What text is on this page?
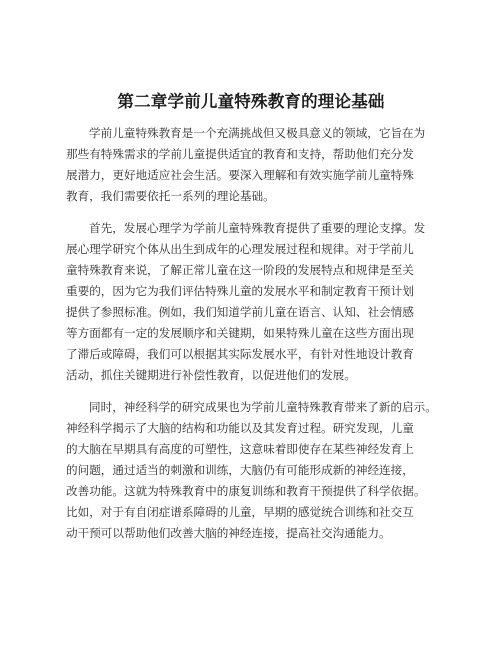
第二章学前儿童特殊教育的理论基础
学前儿童特殊教育是一个充满挑战但又极具意义的领域，它旨在为
那些有特殊需求的学前儿童提供适宜的教育和支持，帮助他们充分发
展潜力，更好地适应社会生活。要深入理解和有效实施学前儿童特殊
教育，我们需要依托一系列的理论基础。
首先，发展心理学为学前儿童特殊教育提供了重要的理论支撑。发
展心理学研究个体从出生到成年的心理发展过程和规律。对于学前儿
童特殊教育来说，了解正常儿童在这一阶段的发展特点和规律是至关
重要的，因为它为我们评估特殊儿童的发展水平和制定教育干预计划
提供了参照标准。例如，我们知道学前儿童在语言、认知、社会情感
等方面都有一定的发展顺序和关键期，如果特殊儿童在这些方面出现
了滞后或障碍，我们可以根据其实际发展水平，有针对性地设计教育
活动，抓住关键期进行补偿性教育，以促进他们的发展。
同时，神经科学的研究成果也为学前儿童特殊教育带来了新的启示。
神经科学揭示了大脑的结构和功能以及其发育过程。研究发现，儿童
的大脑在早期具有高度的可塑性，这意味着即使存在某些神经发育上
的问题，通过适当的刺激和训练，大脑仍有可能形成新的神经连接，
改善功能。这就为特殊教育中的康复训练和教育干预提供了科学依据。
比如，对于有自闭症谱系障碍的儿童，早期的感觉统合训练和社交互
动干预可以帮助他们改善大脑的神经连接，提高社交沟通能力。
